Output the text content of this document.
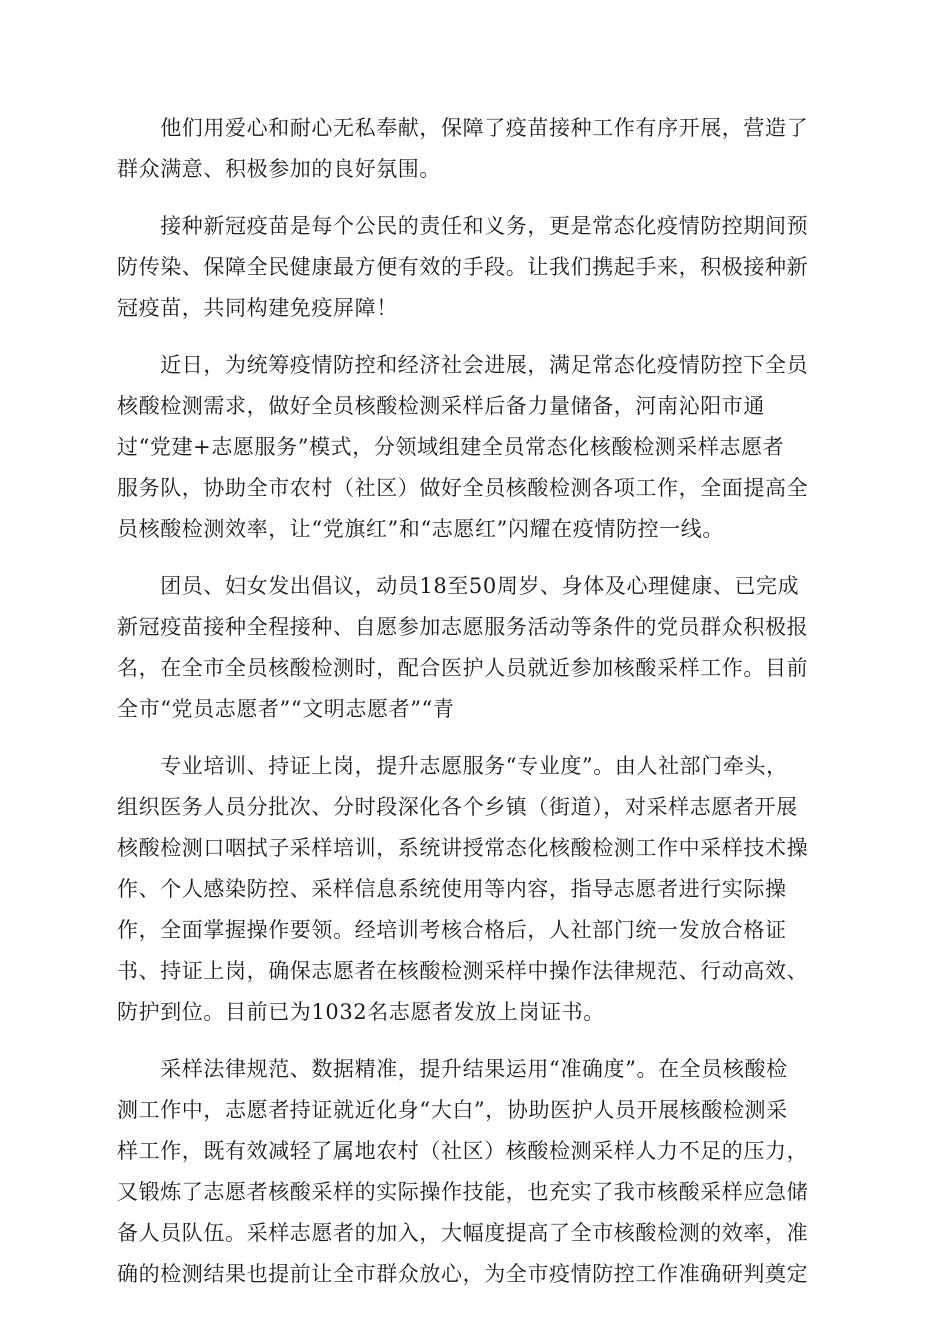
　　他们用爱心和耐心无私奉献，保障了疫苗接种工作有序开展，营造了
群众满意、积极参加的良好氛围。

　　接种新冠疫苗是每个公民的责任和义务，更是常态化疫情防控期间预
防传染、保障全民健康最方便有效的手段。让我们携起手来，积极接种新
冠疫苗，共同构建免疫屏障！

　　近日，为统筹疫情防控和经济社会进展，满足常态化疫情防控下全员
核酸检测需求，做好全员核酸检测采样后备力量储备，河南沁阳市通
过“党建+志愿服务”模式，分领域组建全员常态化核酸检测采样志愿者
服务队，协助全市农村（社区）做好全员核酸检测各项工作，全面提高全
员核酸检测效率，让“党旗红”和“志愿红”闪耀在疫情防控一线。

　　团员、妇女发出倡议，动员18至50周岁、身体及心理健康、已完成
新冠疫苗接种全程接种、自愿参加志愿服务活动等条件的党员群众积极报
名，在全市全员核酸检测时，配合医护人员就近参加核酸采样工作。目前
全市“党员志愿者”“文明志愿者”“青

　　专业培训、持证上岗，提升志愿服务“专业度”。由人社部门牵头，
组织医务人员分批次、分时段深化各个乡镇（街道），对采样志愿者开展
核酸检测口咽拭子采样培训，系统讲授常态化核酸检测工作中采样技术操
作、个人感染防控、采样信息系统使用等内容，指导志愿者进行实际操
作，全面掌握操作要领。经培训考核合格后，人社部门统一发放合格证
书、持证上岗，确保志愿者在核酸检测采样中操作法律规范、行动高效、
防护到位。目前已为1032名志愿者发放上岗证书。

　　采样法律规范、数据精准，提升结果运用“准确度”。在全员核酸检
测工作中，志愿者持证就近化身“大白”，协助医护人员开展核酸检测采
样工作，既有效减轻了属地农村（社区）核酸检测采样人力不足的压力，
又锻炼了志愿者核酸采样的实际操作技能，也充实了我市核酸采样应急储
备人员队伍。采样志愿者的加入，大幅度提高了全市核酸检测的效率，准
确的检测结果也提前让全市群众放心，为全市疫情防控工作准确研判奠定
